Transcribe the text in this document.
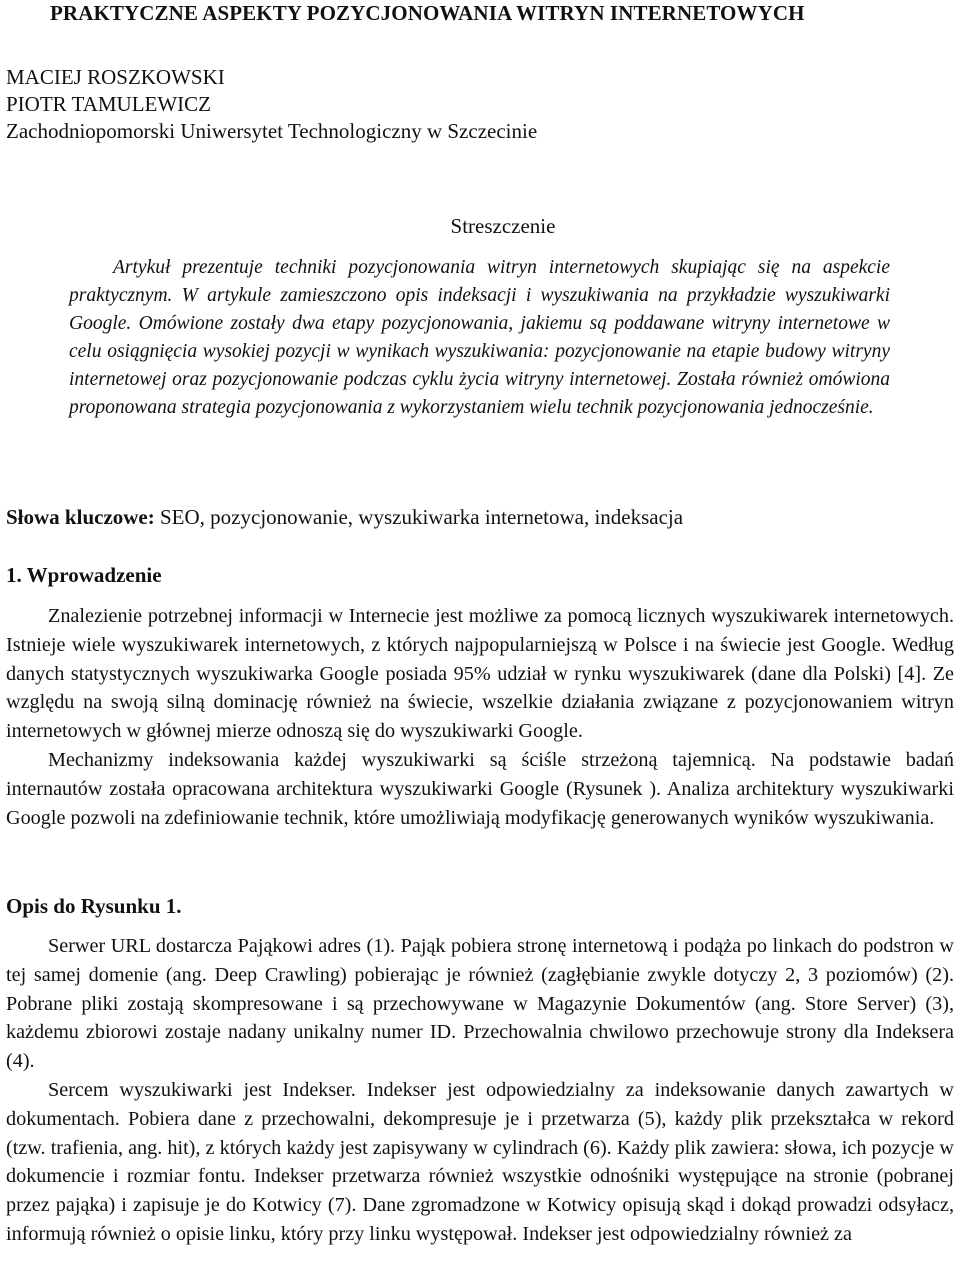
PRAKTYCZNE ASPEKTY POZYCJONOWANIA WITRYN INTERNETOWYCH
MACIEJ ROSZKOWSKI
PIOTR TAMULEWICZ
Zachodniopomorski Uniwersytet Technologiczny w Szczecinie
Streszczenie
Artykuł prezentuje techniki pozycjonowania witryn internetowych skupiając się na aspekcie praktycznym. W artykule zamieszczono opis indeksacji i wyszukiwania na przykładzie wyszukiwarki Google. Omówione zostały dwa etapy pozycjonowania, jakiemu są poddawane witryny internetowe w celu osiągnięcia wysokiej pozycji w wynikach wyszukiwania: pozycjonowanie na etapie budowy witryny internetowej oraz pozycjonowanie podczas cyklu życia witryny internetowej. Została również omówiona proponowana strategia pozycjonowania z wykorzystaniem wielu technik pozycjonowania jednocześnie.
Słowa kluczowe: SEO, pozycjonowanie, wyszukiwarka internetowa, indeksacja
1. Wprowadzenie

Znalezienie potrzebnej informacji w Internecie jest możliwe za pomocą licznych wyszukiwarek internetowych. Istnieje wiele wyszukiwarek internetowych, z których najpopularniejszą w Polsce i na świecie jest Google. Według danych statystycznych wyszukiwarka Google posiada 95% udział w rynku wyszukiwarek (dane dla Polski) [4]. Ze względu na swoją silną dominację również na świecie, wszelkie działania związane z pozycjonowaniem witryn internetowych w głównej mierze odnoszą się do wyszukiwarki Google.

Mechanizmy indeksowania każdej wyszukiwarki są ściśle strzeżoną tajemnicą. Na podstawie badań internautów została opracowana architektura wyszukiwarki Google (Rysunek ). Analiza architektury wyszukiwarki Google pozwoli na zdefiniowanie technik, które umożliwiają modyfikację generowanych wyników wyszukiwania.

Opis do Rysunku 1.

Serwer URL dostarcza Pająkowi adres (1). Pająk pobiera stronę internetową i podąża po linkach do podstron w tej samej domenie (ang. Deep Crawling) pobierając je również (zagłębianie zwykle dotyczy 2, 3 poziomów) (2). Pobrane pliki zostają skompresowane i są przechowywane w Magazynie Dokumentów (ang. Store Server) (3), każdemu zbiorowi zostaje nadany unikalny numer ID. Przechowalnia chwilowo przechowuje strony dla Indeksera (4).

Sercem wyszukiwarki jest Indekser. Indekser jest odpowiedzialny za indeksowanie danych zawartych w dokumentach. Pobiera dane z przechowalni, dekompresuje je i przetwarza (5), każdy plik przekształca w rekord (tzw. trafienia, ang. hit), z których każdy jest zapisywany w cylindrach (6). Każdy plik zawiera: słowa, ich pozycje w dokumencie i rozmiar fontu. Indekser przetwarza również wszystkie odnośniki występujące na stronie (pobranej przez pająka) i zapisuje je do Kotwicy (7). Dane zgromadzone w Kotwicy opisują skąd i dokąd prowadzi odsyłacz, informują również o opisie linku, który przy linku występował. Indekser jest odpowiedzialny również za
